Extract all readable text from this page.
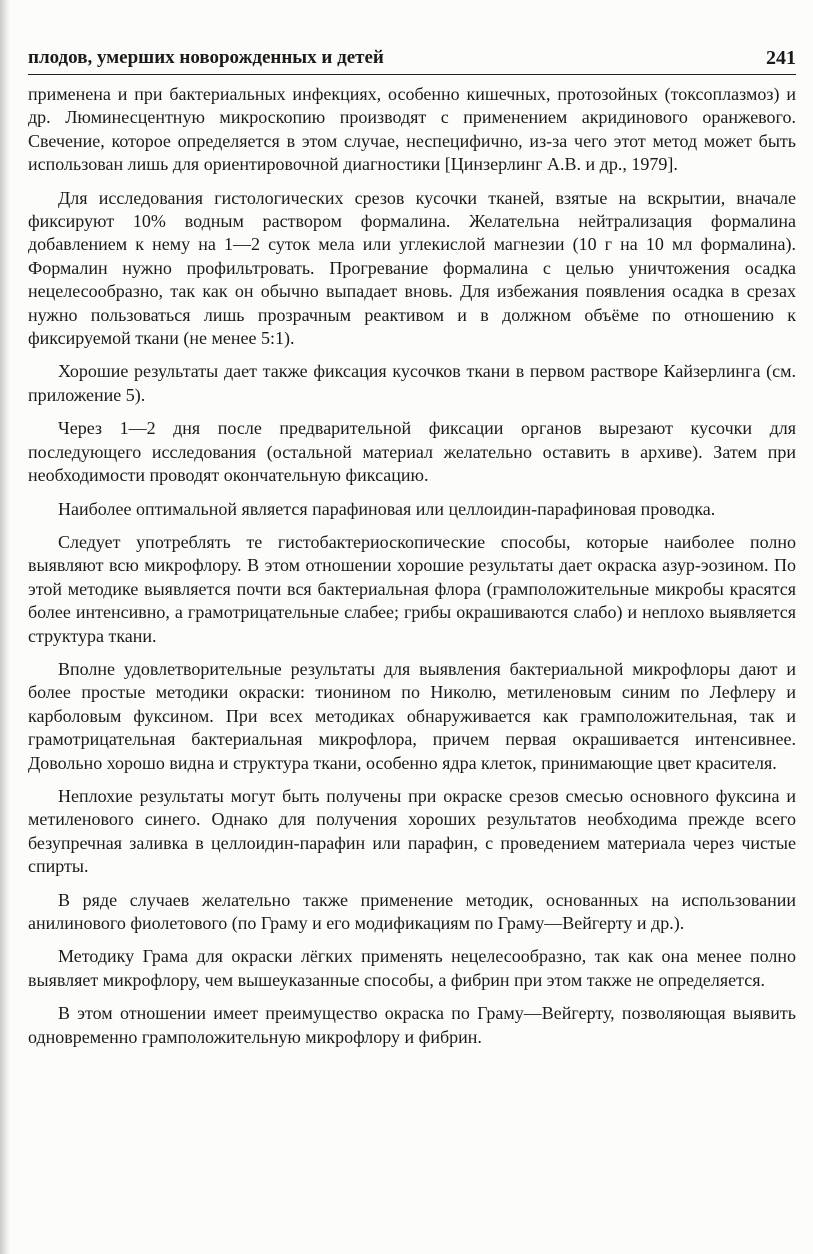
плодов, умерших новорожденных и детей	241

применена и при бактериальных инфекциях, особенно кишечных, протозойных (токсоплазмоз) и др. Люминесцентную микроскопию производят с применением акридинового оранжевого. Свечение, которое определяется в этом случае, неспецифично, из-за чего этот метод может быть использован лишь для ориентировочной диагностики [Цинзерлинг А.В. и др., 1979].

Для исследования гистологических срезов кусочки тканей, взятые на вскрытии, вначале фиксируют 10% водным раствором формалина. Желательна нейтрализация формалина добавлением к нему на 1—2 суток мела или углекислой магнезии (10 г на 10 мл формалина). Формалин нужно профильтровать. Прогревание формалина с целью уничтожения осадка нецелесообразно, так как он обычно выпадает вновь. Для избежания появления осадка в срезах нужно пользоваться лишь прозрачным реактивом и в должном объёме по отношению к фиксируемой ткани (не менее 5:1).

Хорошие результаты дает также фиксация кусочков ткани в первом растворе Кайзерлинга (см. приложение 5).

Через 1—2 дня после предварительной фиксации органов вырезают кусочки для последующего исследования (остальной материал желательно оставить в архиве). Затем при необходимости проводят окончательную фиксацию.

Наиболее оптимальной является парафиновая или целлоидин-парафиновая проводка.

Следует употреблять те гистобактериоскопические способы, которые наиболее полно выявляют всю микрофлору. В этом отношении хорошие результаты дает окраска азур-эозином. По этой методике выявляется почти вся бактериальная флора (грамположительные микробы красятся более интенсивно, а грамотрицательные слабее; грибы окрашиваются слабо) и неплохо выявляется структура ткани.

Вполне удовлетворительные результаты для выявления бактериальной микрофлоры дают и более простые методики окраски: тионином по Николю, метиленовым синим по Лефлеру и карболовым фуксином. При всех методиках обнаруживается как грамположительная, так и грамотрицательная бактериальная микрофлора, причем первая окрашивается интенсивнее. Довольно хорошо видна и структура ткани, особенно ядра клеток, принимающие цвет красителя.

Неплохие результаты могут быть получены при окраске срезов смесью основного фуксина и метиленового синего. Однако для получения хороших результатов необходима прежде всего безупречная заливка в целлоидин-парафин или парафин, с проведением материала через чистые спирты.

В ряде случаев желательно также применение методик, основанных на использовании анилинового фиолетового (по Граму и его модификациям по Граму—Вейгерту и др.).

Методику Грама для окраски лёгких применять нецелесообразно, так как она менее полно выявляет микрофлору, чем вышеуказанные способы, а фибрин при этом также не определяется.

В этом отношении имеет преимущество окраска по Граму—Вейгерту, позволяющая выявить одновременно грамположительную микрофлору и фибрин.
